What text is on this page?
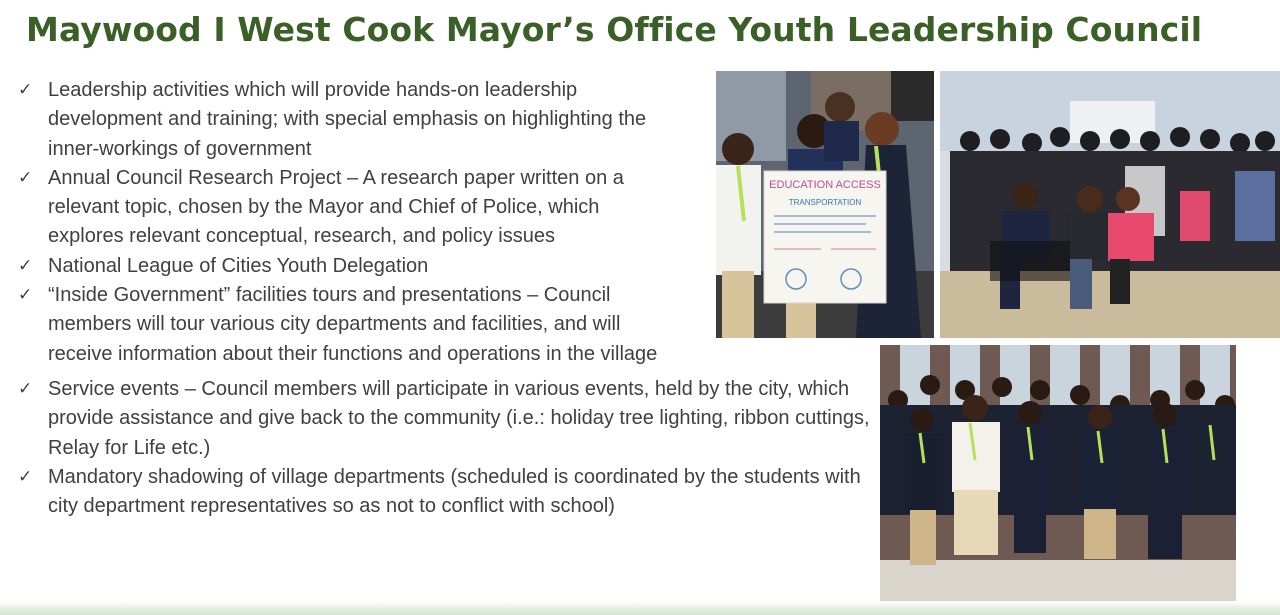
Maywood I West Cook Mayor’s Office Youth Leadership Council
✓ Leadership activities which will provide hands-on leadership development and training; with special emphasis on highlighting the inner-workings of government
✓ Annual Council Research Project – A research paper written on a relevant topic, chosen by the Mayor and Chief of Police, which explores relevant conceptual, research, and policy issues
✓ National League of Cities Youth Delegation
✓ “Inside Government” facilities tours and presentations – Council members will tour various city departments and facilities, and will receive information about their functions and operations in the village
✓ Service events – Council members will participate in various events, held by the city, which provide assistance and give back to the community (i.e.: holiday tree lighting, ribbon cuttings, Relay for Life etc.)
✓ Mandatory shadowing of village departments (scheduled is coordinated by the students with city department representatives so as not to conflict with school)
EDUCATION ACCESS
TRANSPORTATION
